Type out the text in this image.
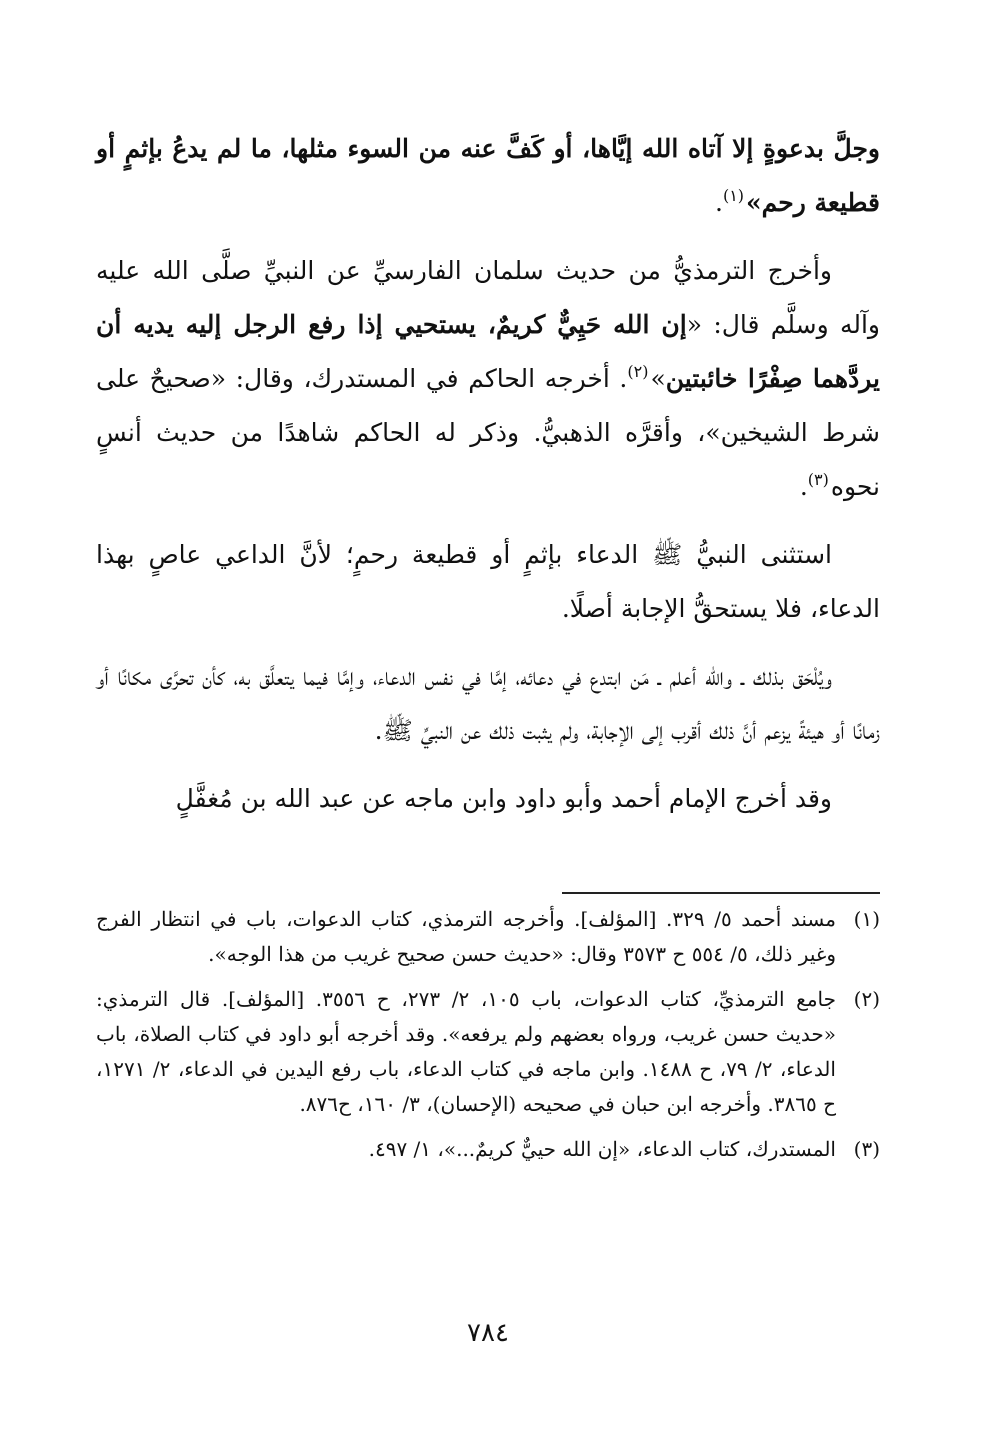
وجلَّ بدعوةٍ إلا آتاه الله إيَّاها، أو كَفَّ عنه من السوء مثلها، ما لم يدعُ بإثمٍ أو قطيعة رحم»$^{(١)}$.

وأخرج الترمذيُّ من حديث سلمان الفارسيِّ عن النبيِّ صلَّى الله عليه وآله وسلَّم قال: «إن الله حَيِيٌّ كريمٌ، يستحيي إذا رفع الرجل إليه يديه أن يردَّهما صِفْرًا خائبتين»$^{(٢)}$. أخرجه الحاكم في المستدرك، وقال: «صحيحٌ على شرط الشيخين»، وأقرَّه الذهبيُّ. وذكر له الحاكم شاهدًا من حديث أنسٍ نحوه$^{(٣)}$.

استثنى النبيُّ ﷺ الدعاء بإثمٍ أو قطيعة رحمٍ؛ لأنَّ الداعي عاصٍ بهذا الدعاء، فلا يستحقُّ الإجابة أصلًا.

ويُلْحَق بذلك ـ والله أعلم ـ مَن ابتدع في دعائه، إمَّا في نفس الدعاء، وإمَّا فيما يتعلَّق به، كأن تحرَّى مكانًا أو زمانًا أو هيئةً يزعم أنَّ ذلك أقرب إلى الإجابة، ولم يثبت ذلك عن النبيِّ ﷺ.

وقد أخرج الإمام أحمد وأبو داود وابن ماجه عن عبد الله بن مُغفَّلٍ

(١)
مسند أحمد ٥/ ٣٢٩. [المؤلف]. وأخرجه الترمذي، كتاب الدعوات، باب في انتظار الفرج وغير ذلك، ٥/ ٥٥٤ ح ٣٥٧٣ وقال: «حديث حسن صحيح غريب من هذا الوجه».
(٢)
جامع الترمذيِّ، كتاب الدعوات، باب ١٠٥، ٢/ ٢٧٣، ح ٣٥٥٦. [المؤلف]. قال الترمذي: «حديث حسن غريب، ورواه بعضهم ولم يرفعه». وقد أخرجه أبو داود في كتاب الصلاة، باب الدعاء، ٢/ ٧٩، ح ١٤٨٨. وابن ماجه في كتاب الدعاء، باب رفع اليدين في الدعاء، ٢/ ١٢٧١، ح ٣٨٦٥. وأخرجه ابن حبان في صحيحه (الإحسان)، ٣/ ١٦٠، ح٨٧٦.
(٣)
المستدرك، كتاب الدعاء، «إن الله حييٌّ كريمٌ...»، ١/ ٤٩٧.
٧٨٤
